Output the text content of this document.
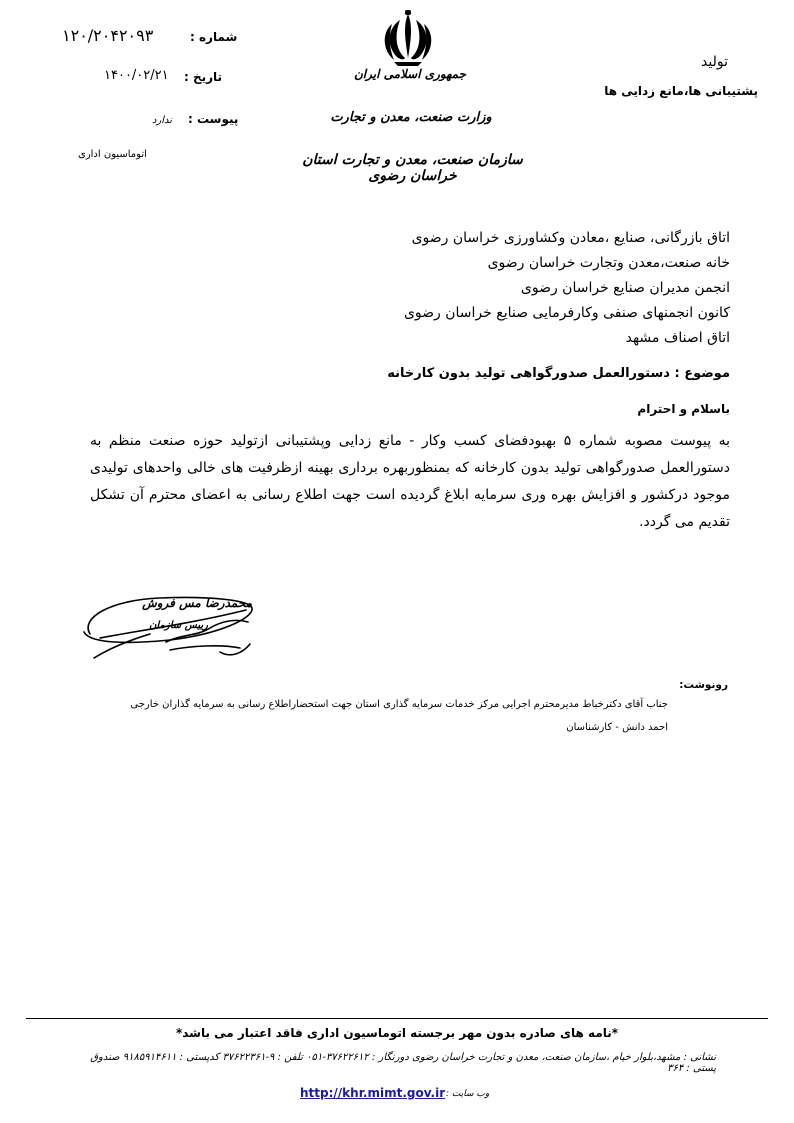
شماره :
۱۲۰/۲۰۴۲۰۹۳
تاریخ :
۱۴۰۰/۰۲/۲۱
پیوست :
ندارد
اتوماسیون اداری
جمهوری اسلامی ایران
وزارت صنعت، معدن و تجارت
سازمان صنعت، معدن و تجارت استان خراسان رضوی
تولید
پشتیبانی ها،مانع زدایی ها
اتاق بازرگانی، صنایع ،معادن وکشاورزی خراسان رضوی
خانه صنعت،معدن وتجارت خراسان رضوی
انجمن مدیران صنایع خراسان رضوی
کانون انجمنهای صنفی وکارفرمایی صنایع خراسان رضوی
اتاق اصناف مشهد
موضوع : دستورالعمل صدورگواهی تولید بدون کارخانه
باسلام و احترام
به پیوست مصوبه شماره ۵ بهبودفضای کسب وکار - مانع زدایی وپشتیبانی ازتولید حوزه صنعت منظم به دستورالعمل صدورگواهی تولید بدون کارخانه که بمنظوربهره برداری بهینه ازظرفیت های خالی واحدهای تولیدی موجود درکشور و افزایش بهره وری سرمایه ابلاغ گردیده است جهت اطلاع رسانی به اعضای محترم آن تشکل تقدیم می گردد.
محمدرضا مس فروش
رییس سازمان
رونوشت:
جناب آقای دکترخباط مدیرمحترم اجرایی مرکز خدمات سرمایه گذاری استان جهت استحضاراطلاع رسانی به سرمایه گذاران خارجی
احمد دانش - کارشناسان
*نامه های صادره بدون مهر برجسته اتوماسیون اداری فاقد اعتبار می باشد*
نشانی : مشهد،بلوار خیام ،سازمان صنعت، معدن و تجارت خراسان رضوی دورنگار : ۳۷۶۲۲۶۱۲-۰۵۱ تلفن : ۹-۳۷۶۲۲۳۶۱ کدپستی : ۹۱۸۵۹۱۴۶۱۱ صندوق پستی : ۳۶۴
http://khr.mimt.gov.ir وب سایت :
